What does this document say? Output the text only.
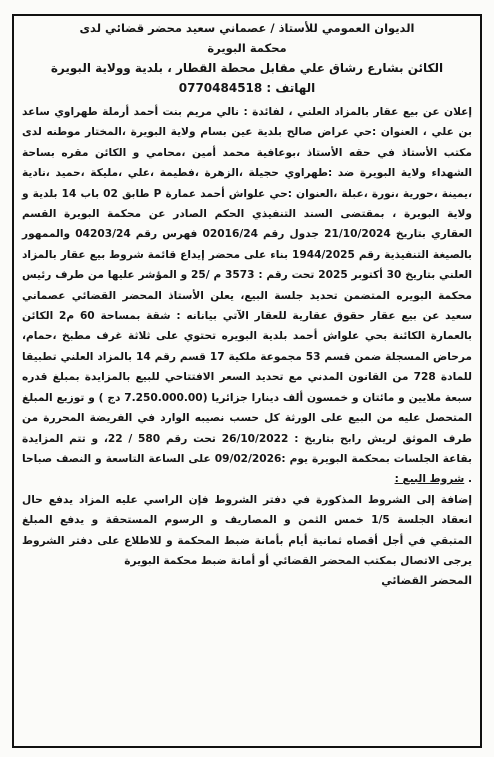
الديوان العمومي للأستاذ / عصماني سعيد محضر قضائي لدى

محكمة البويرة

الكائن بشارع رشاق علي مقابل محطة القطار ، بلدية وولاية البويرة

الهاتف : 0770484518

إعلان عن بيع عقار بالمزاد العلني ، لفائدة : نالي مريم بنت أحمد أرملة طهراوي ساعد بن علي ، العنوان :حي عراض صالح بلدية عين بسام ولاية البويرة ،المختار موطنه لدى مكتب الأستاذ في حقه الأستاذ ،بوعافية محمد أمين ،محامي و الكائن مقره بساحة الشهداء ولاية البويرة ضد :طهراوي حجيلة ،الزهرة ،فطيمة ،علي ،مليكة ،حميد ،نادية ،يمينة ،حورية ،نورة ،عبلة ،العنوان :حي علواش أحمد عمارة P طابق 02 باب 14 بلدية و ولاية البويرة ، بمقتضى السند التنفيذي الحكم الصادر عن محكمة البويرة القسم العقاري بتاريخ 21/10/2024 جدول رقم 02016/24 فهرس رقم 04203/24 والممهور بالصيغة التنفيذية رقم 1944/2025 بناء على محضر إيداع قائمة شروط بيع عقار بالمزاد العلني بتاريخ 30 أكتوبر 2025 تحت رقم : 3573 م /25 و المؤشر عليها من طرف رئيس محكمة البويره المتضمن تحديد جلسة البيع، يعلن الأستاذ المحضر القضائي عصماني سعيد عن بيع عقار حقوق عقارية للعقار الآتي بيانانه : شقة بمساحة 60 م2 الكائن بالعمارة الكائنة بحي علواش أحمد بلدية البويره تحتوي على ثلاثة غرف مطبخ ،حمام، مرحاض المسجلة ضمن قسم 53 مجموعة ملكية 17 قسم رقم 14 بالمزاد العلني تطبيقا للمادة 728 من القانون المدني مع تحديد السعر الافتتاحي للبيع بالمزايدة بمبلغ قدره سبعة ملايين و مائتان و خمسون ألف دينارا جزائريا (7.250.000.00 دج ) و توزيع المبلغ المتحصل عليه من البيع على الورثة كل حسب نصيبه الوارد في الفريضة المحررة من طرف الموثق لريش رابح بتاريخ : 26/10/2022 تحت رقم 580 / 22، و تتم المزايدة بقاعة الجلسات بمحكمة البويرة يوم :09/02/2026 على الساعة التاسعة و النصف صباحا . شروط البيع :

إضافة إلى الشروط المذكورة في دفتر الشروط فإن الراسي عليه المزاد يدفع حال انعقاد الجلسة 1/5 خمس الثمن و المصاريف و الرسوم المستحقة و يدفع المبلغ المتبقي في أجل أقصاه ثمانية أيام بأمانة ضبط المحكمة و للاطلاع على دفتر الشروط يرجى الاتصال بمكتب المحضر القضائي أو أمانة ضبط محكمة البويرة

المحضر القضائي
